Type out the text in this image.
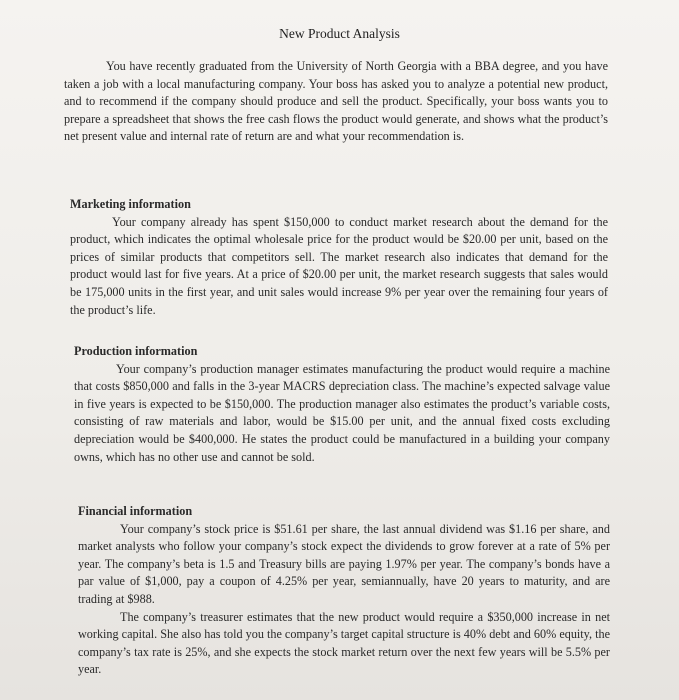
New Product Analysis
You have recently graduated from the University of North Georgia with a BBA degree, and you have taken a job with a local manufacturing company. Your boss has asked you to analyze a potential new product, and to recommend if the company should produce and sell the product. Specifically, your boss wants you to prepare a spreadsheet that shows the free cash flows the product would generate, and shows what the product’s net present value and internal rate of return are and what your recommendation is.
Marketing information
Your company already has spent $150,000 to conduct market research about the demand for the product, which indicates the optimal wholesale price for the product would be $20.00 per unit, based on the prices of similar products that competitors sell. The market research also indicates that demand for the product would last for five years. At a price of $20.00 per unit, the market research suggests that sales would be 175,000 units in the first year, and unit sales would increase 9% per year over the remaining four years of the product’s life.
Production information
Your company’s production manager estimates manufacturing the product would require a machine that costs $850,000 and falls in the 3-year MACRS depreciation class. The machine’s expected salvage value in five years is expected to be $150,000. The production manager also estimates the product’s variable costs, consisting of raw materials and labor, would be $15.00 per unit, and the annual fixed costs excluding depreciation would be $400,000. He states the product could be manufactured in a building your company owns, which has no other use and cannot be sold.
Financial information
Your company’s stock price is $51.61 per share, the last annual dividend was $1.16 per share, and market analysts who follow your company’s stock expect the dividends to grow forever at a rate of 5% per year. The company’s beta is 1.5 and Treasury bills are paying 1.97% per year. The company’s bonds have a par value of $1,000, pay a coupon of 4.25% per year, semiannually, have 20 years to maturity, and are trading at $988.
The company’s treasurer estimates that the new product would require a $350,000 increase in net working capital. She also has told you the company’s target capital structure is 40% debt and 60% equity, the company’s tax rate is 25%, and she expects the stock market return over the next few years will be 5.5% per year.
